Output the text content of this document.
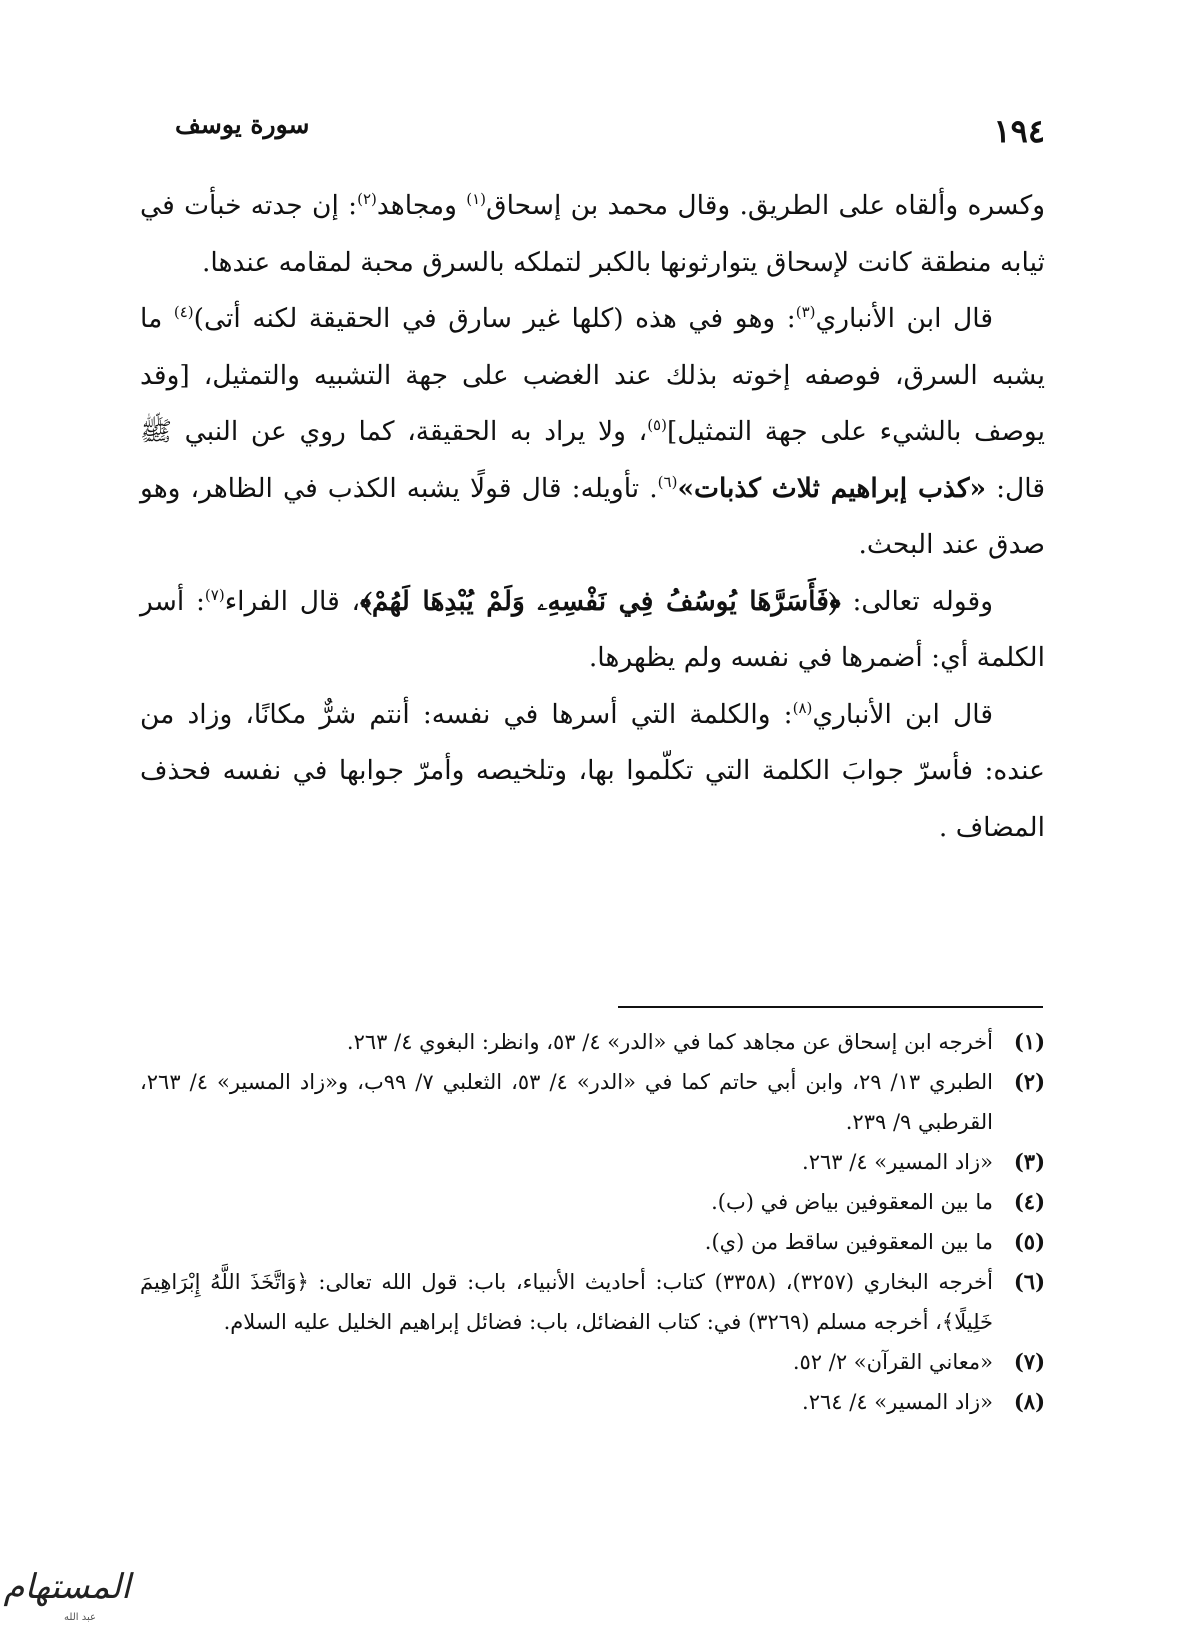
١٩٤
سورة يوسف

وكسره وألقاه على الطريق. وقال محمد بن إسحاق$^{(١)}$ ومجاهد$^{(٢)}$: إن جدته خبأت في ثيابه منطقة كانت لإسحاق يتوارثونها بالكبر لتملكه بالسرق محبة لمقامه عندها.

قال ابن الأنباري$^{(٣)}$: وهو في هذه (كلها غير سارق في الحقيقة لكنه أتى)$^{(٤)}$ ما يشبه السرق، فوصفه إخوته بذلك عند الغضب على جهة التشبيه والتمثيل، [وقد يوصف بالشيء على جهة التمثيل]$^{(٥)}$، ولا يراد به الحقيقة، كما روي عن النبي ﷺ قال: «كذب إبراهيم ثلاث كذبات»$^{(٦)}$. تأويله: قال قولًا يشبه الكذب في الظاهر، وهو صدق عند البحث.

وقوله تعالى: ﴿فَأَسَرَّهَا يُوسُفُ فِي نَفْسِهِۦ وَلَمْ يُبْدِهَا لَهُمْ﴾، قال الفراء$^{(٧)}$: أسر الكلمة أي: أضمرها في نفسه ولم يظهرها.

قال ابن الأنباري$^{(٨)}$: والكلمة التي أسرها في نفسه: أنتم شرٌّ مكانًا، وزاد من عنده: فأسرّ جوابَ الكلمة التي تكلّموا بها، وتلخيصه وأمرّ جوابها في نفسه فحذف المضاف .

(١)
أخرجه ابن إسحاق عن مجاهد كما في «الدر» ٤/ ٥٣، وانظر: البغوي ٤/ ٢٦٣.

(٢)
الطبري ١٣/ ٢٩، وابن أبي حاتم كما في «الدر» ٤/ ٥٣، الثعلبي ٧/ ٩٩ب، و«زاد المسير» ٤/ ٢٦٣، القرطبي ٩/ ٢٣٩.

(٣)
«زاد المسير» ٤/ ٢٦٣.

(٤)
ما بين المعقوفين بياض في (ب).

(٥)
ما بين المعقوفين ساقط من (ي).

(٦)
أخرجه البخاري (٣٢٥٧)، (٣٣٥٨) كتاب: أحاديث الأنبياء، باب: قول الله تعالى: ﴿وَاتَّخَذَ اللَّهُ إِبْرَاهِيمَ خَلِيلًا﴾، أخرجه مسلم (٣٢٦٩) في: كتاب الفضائل، باب: فضائل إبراهيم الخليل عليه السلام.

(٧)
«معاني القرآن» ٢/ ٥٢.

(٨)
«زاد المسير» ٤/ ٢٦٤.

المستهام
عبد الله
